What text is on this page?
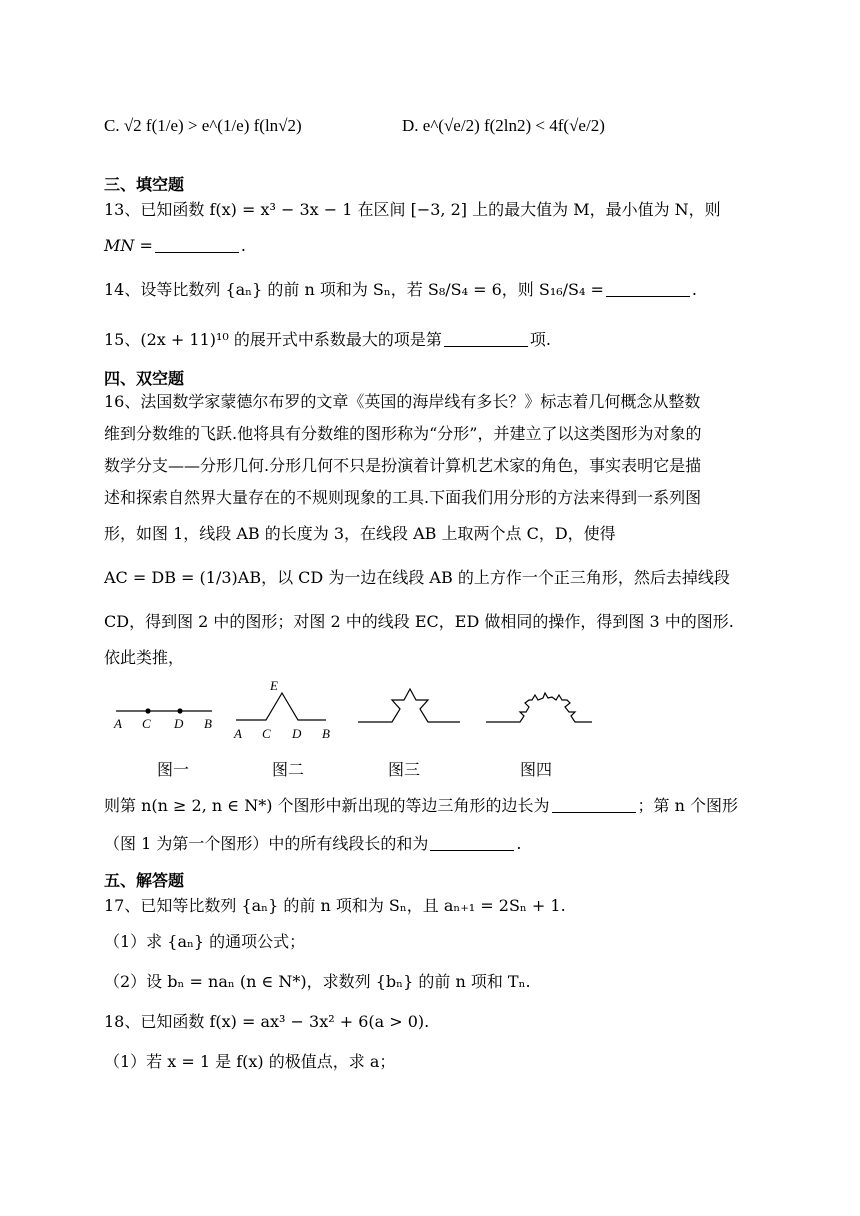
C. √2 f(1/e) > e^(1/e) f(ln√2)	D. e^(√e/2) f(2ln2) < 4f(√e/2)
三、填空题
13、已知函数 f(x) = x³ − 3x − 1 在区间 [−3, 2] 上的最大值为 M，最小值为 N，则
MN =	.
14、设等比数列 {aₙ} 的前 n 项和为 Sₙ，若 S₈/S₄ = 6，则 S₁₆/S₄ =	.
15、(2x + 11)¹⁰ 的展开式中系数最大的项是第	项.
四、双空题
16、法国数学家蒙德尔布罗的文章《英国的海岸线有多长？》标志着几何概念从整数
维到分数维的飞跃.他将具有分数维的图形称为“分形”，并建立了以这类图形为对象的
数学分支——分形几何.分形几何不只是扮演着计算机艺术家的角色，事实表明它是描
述和探索自然界大量存在的不规则现象的工具.下面我们用分形的方法来得到一系列图
形，如图 1，线段 AB 的长度为 3，在线段 AB 上取两个点 C，D，使得
AC = DB = (1/3)AB，以 CD 为一边在线段 AB 的上方作一个正三角形，然后去掉线段
CD，得到图 2 中的图形；对图 2 中的线段 EC，ED 做相同的操作，得到图 3 中的图形.
依此类推，
A C D B
E
A C D B
图一	图二	图三	图四
则第 n(n ≥ 2, n ∈ N*) 个图形中新出现的等边三角形的边长为	；第 n 个图形
（图 1 为第一个图形）中的所有线段长的和为	.
五、解答题
17、已知等比数列 {aₙ} 的前 n 项和为 Sₙ，且 aₙ₊₁ = 2Sₙ + 1.
（1）求 {aₙ} 的通项公式；
（2）设 bₙ = naₙ (n ∈ N*)，求数列 {bₙ} 的前 n 项和 Tₙ.
18、已知函数 f(x) = ax³ − 3x² + 6(a > 0).
（1）若 x = 1 是 f(x) 的极值点，求 a；
